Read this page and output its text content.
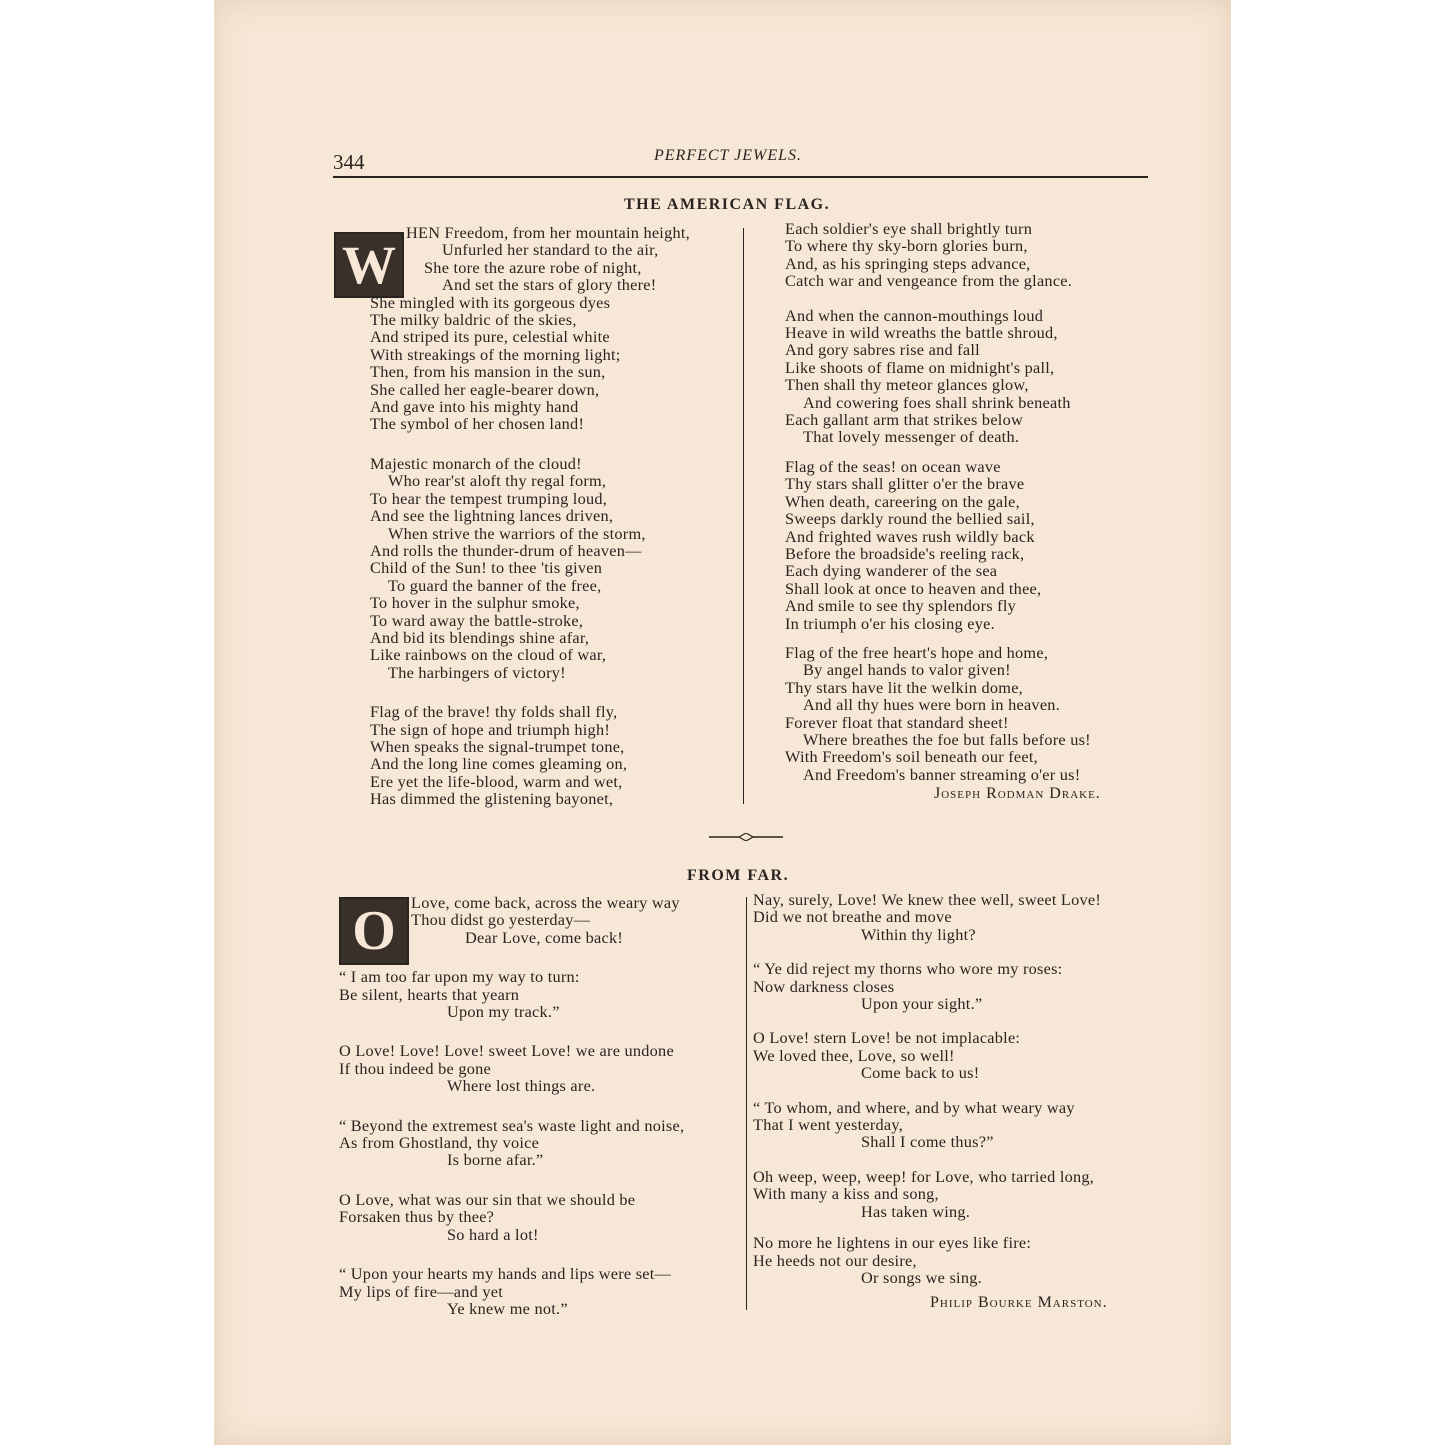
344	PERFECT JEWELS.
THE AMERICAN FLAG.
W
HEN Freedom, from her mountain height,
Unfurled her standard to the air,
She tore the azure robe of night,
And set the stars of glory there!
She mingled with its gorgeous dyes
The milky baldric of the skies,
And striped its pure, celestial white
With streakings of the morning light;
Then, from his mansion in the sun,
She called her eagle-bearer down,
And gave into his mighty hand
The symbol of her chosen land!
Majestic monarch of the cloud!
Who rear'st aloft thy regal form,
To hear the tempest trumping loud,
And see the lightning lances driven,
When strive the warriors of the storm,
And rolls the thunder-drum of heaven—
Child of the Sun! to thee 'tis given
To guard the banner of the free,
To hover in the sulphur smoke,
To ward away the battle-stroke,
And bid its blendings shine afar,
Like rainbows on the cloud of war,
The harbingers of victory!
Flag of the brave! thy folds shall fly,
The sign of hope and triumph high!
When speaks the signal-trumpet tone,
And the long line comes gleaming on,
Ere yet the life-blood, warm and wet,
Has dimmed the glistening bayonet,
Each soldier's eye shall brightly turn
To where thy sky-born glories burn,
And, as his springing steps advance,
Catch war and vengeance from the glance.
And when the cannon-mouthings loud
Heave in wild wreaths the battle shroud,
And gory sabres rise and fall
Like shoots of flame on midnight's pall,
Then shall thy meteor glances glow,
And cowering foes shall shrink beneath
Each gallant arm that strikes below
That lovely messenger of death.
Flag of the seas! on ocean wave
Thy stars shall glitter o'er the brave
When death, careering on the gale,
Sweeps darkly round the bellied sail,
And frighted waves rush wildly back
Before the broadside's reeling rack,
Each dying wanderer of the sea
Shall look at once to heaven and thee,
And smile to see thy splendors fly
In triumph o'er his closing eye.
Flag of the free heart's hope and home,
By angel hands to valor given!
Thy stars have lit the welkin dome,
And all thy hues were born in heaven.
Forever float that standard sheet!
Where breathes the foe but falls before us!
With Freedom's soil beneath our feet,
And Freedom's banner streaming o'er us!
Joseph Rodman Drake.
FROM FAR.
O Love, come back, across the weary way
Thou didst go yesterday—
Dear Love, come back!
“ I am too far upon my way to turn:
Be silent, hearts that yearn
Upon my track.”
O Love! Love! Love! sweet Love! we are undone
If thou indeed be gone
Where lost things are.
“ Beyond the extremest sea's waste light and noise,
As from Ghostland, thy voice
Is borne afar.”
O Love, what was our sin that we should be
Forsaken thus by thee?
So hard a lot!
“ Upon your hearts my hands and lips were set—
My lips of fire—and yet
Ye knew me not.”
Nay, surely, Love! We knew thee well, sweet Love!
Did we not breathe and move
Within thy light?
“ Ye did reject my thorns who wore my roses:
Now darkness closes
Upon your sight.”
O Love! stern Love! be not implacable:
We loved thee, Love, so well!
Come back to us!
“ To whom, and where, and by what weary way
That I went yesterday,
Shall I come thus?”
Oh weep, weep, weep! for Love, who tarried long,
With many a kiss and song,
Has taken wing.
No more he lightens in our eyes like fire:
He heeds not our desire,
Or songs we sing.
Philip Bourke Marston.
